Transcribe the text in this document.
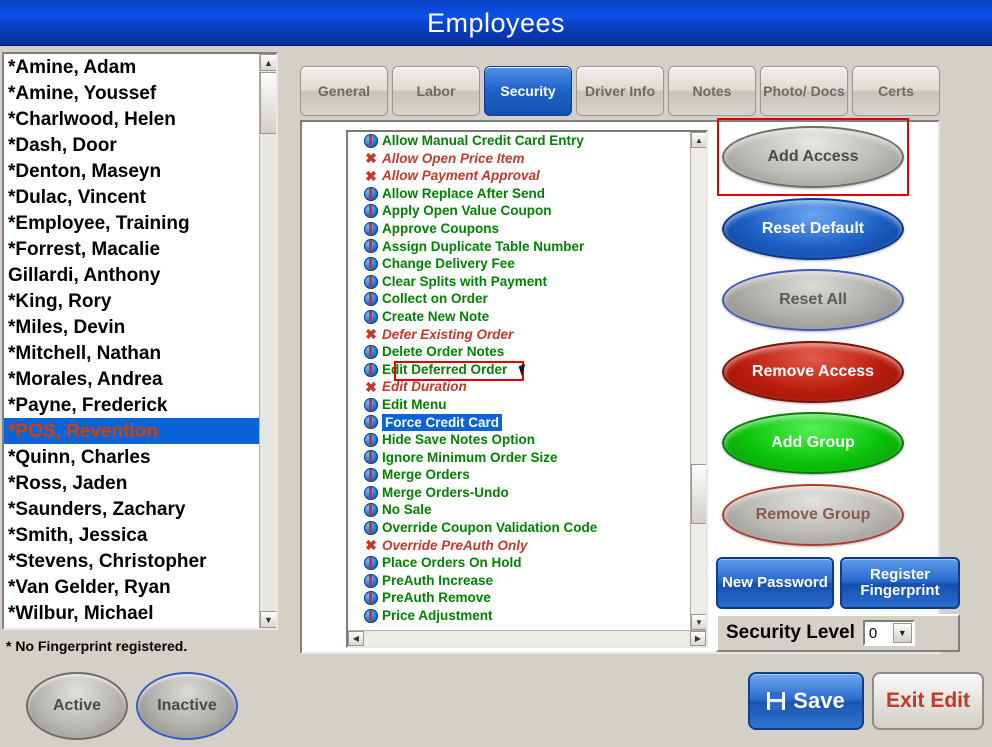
Employees
*Amine, Adam
*Amine, Youssef
*Charlwood, Helen
*Dash, Door
*Denton, Maseyn
*Dulac, Vincent
*Employee, Training
*Forrest, Macalie
Gillardi, Anthony
*King, Rory
*Miles, Devin
*Mitchell, Nathan
*Morales, Andrea
*Payne, Frederick
*POS, Revention
*Quinn, Charles
*Ross, Jaden
*Saunders, Zachary
*Smith, Jessica
*Stevens, Christopher
*Van Gelder, Ryan
*Wilbur, Michael
▲
▼
* No Fingerprint registered.
Active	Inactive
General	Labor	Security	Driver Info	Notes	Photo/ Docs	Certs
Allow Manual Credit Card Entry
✖ Allow Open Price Item
✖ Allow Payment Approval
Allow Replace After Send
Apply Open Value Coupon
Approve Coupons
Assign Duplicate Table Number
Change Delivery Fee
Clear Splits with Payment
Collect on Order
Create New Note
✖ Defer Existing Order
Delete Order Notes
Edit Deferred Order
✖ Edit Duration
Edit Menu
Force Credit Card
Hide Save Notes Option
Ignore Minimum Order Size
Merge Orders
Merge Orders-Undo
No Sale
Override Coupon Validation Code
✖ Override PreAuth Only
Place Orders On Hold
PreAuth Increase
PreAuth Remove
Price Adjustment
▲
▼
◀	▶
Add Access
Reset Default
Reset All
Remove Access
Add Group
Remove Group
New Password	Register Fingerprint
Security Level 0	▼
Save	Exit Edit
